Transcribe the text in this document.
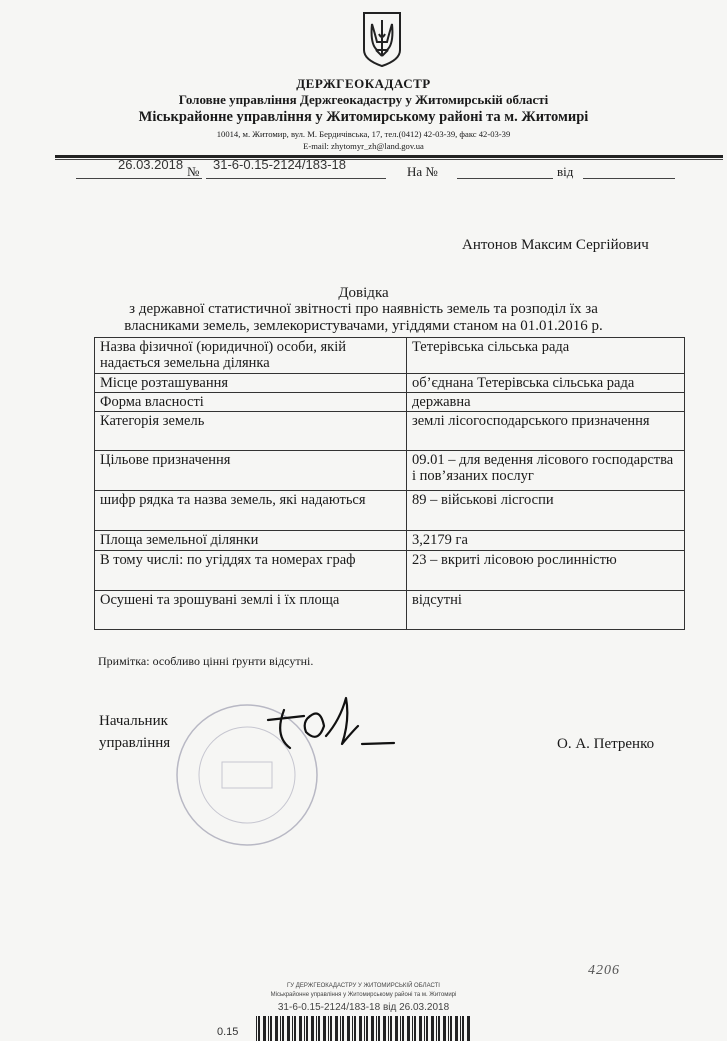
ДЕРЖГЕОКАДАСТР
Головне управління Держгеокадастру у Житомирській області
Міськрайонне управління у Житомирському районі та м. Житомирі
10014, м. Житомир, вул. М. Бердичівська, 17, тел.(0412) 42-03-39, факс 42-03-39
E-mail: zhytomyr_zh@land.gov.ua
26.03.2018 31-6-0.15-2124/183-18
№	На №	від
Антонов Максим Сергійович
Довідка
з державної статистичної звітності про наявність земель та розподіл їх за
власниками земель, землекористувачами, угіддями станом на 01.01.2016 р.
Назва фізичної (юридичної) особи, якій надається земельна ділянка	Тетерівська сільська рада
Місце розташування	об’єднана Тетерівська сільська рада
Форма власності	державна
Категорія земель	землі лісогосподарського призначення
Цільове призначення	09.01 – для ведення лісового господарства і пов’язаних послуг
шифр рядка та назва земель, які надаються	89 – військові лісгоспи
Площа земельної ділянки	3,2179 га
В тому числі: по угіддях та номерах граф	23 – вкриті лісовою рослинністю
Осушені та зрошувані землі і їх площа	відсутні
Примітка: особливо цінні ґрунти відсутні.
Начальник
управління	О. А. Петренко
4206
ГУ ДЕРЖГЕОКАДАСТРУ У ЖИТОМИРСЬКІЙ ОБЛАСТІ
Міськрайонне управління у Житомирському районі та м. Житомирі
31-6-0.15-2124/183-18 від 26.03.2018
0.15
